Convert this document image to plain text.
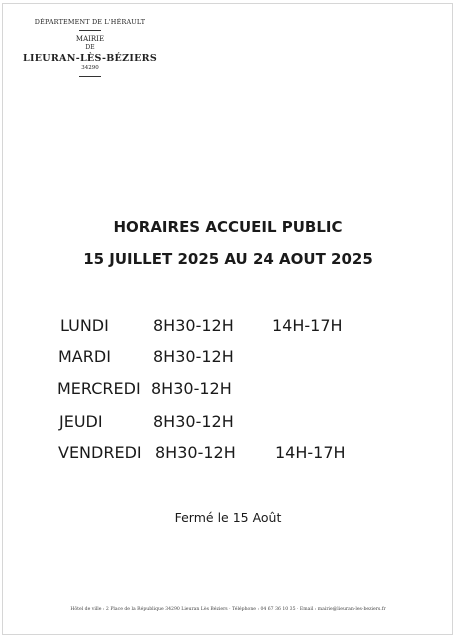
DÉPARTEMENT DE L'HÉRAULT
MAIRIE
DE
LIEURAN-LÈS-BÉZIERS
34290
HORAIRES ACCUEIL PUBLIC
15 JUILLET 2025 AU 24 AOUT 2025
LUNDI	8H30-12H 14H-17H
MARDI	8H30-12H
MERCREDI 8H30-12H
JEUDI	8H30-12H
VENDREDI 8H30-12H 14H-17H
Fermé le 15 Août
Hôtel de ville : 2 Place de la République 34290 Lieuran Lès Béziers · Téléphone : 04 67 36 10 35 · Email : mairie@lieuran-les-beziers.fr
